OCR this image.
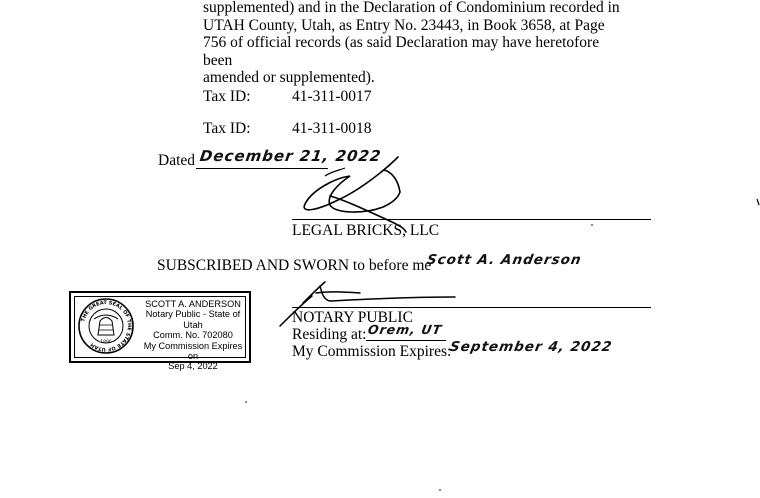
supplemented) and in the Declaration of Condominium recorded in
UTAH County, Utah, as Entry No. 23443, in Book 3658, at Page
756 of official records (as said Declaration may have heretofore been
amended or supplemented).
Tax ID:	41-311-0017
Tax ID:	41-311-0018
Dated December 21, 2022
LEGAL BRICKS, LLC
SUBSCRIBED AND SWORN to before me
Scott A. Anderson
NOTARY PUBLIC
Residing at: Orem, UT
My Commission Expires:
September 4, 2022
THE GREAT SEAL OF THE STATE OF UTAH 1896
SCOTT A. ANDERSON
Notary Public - State of Utah
Comm. No. 702080
My Commission Expires on
Sep 4, 2022
